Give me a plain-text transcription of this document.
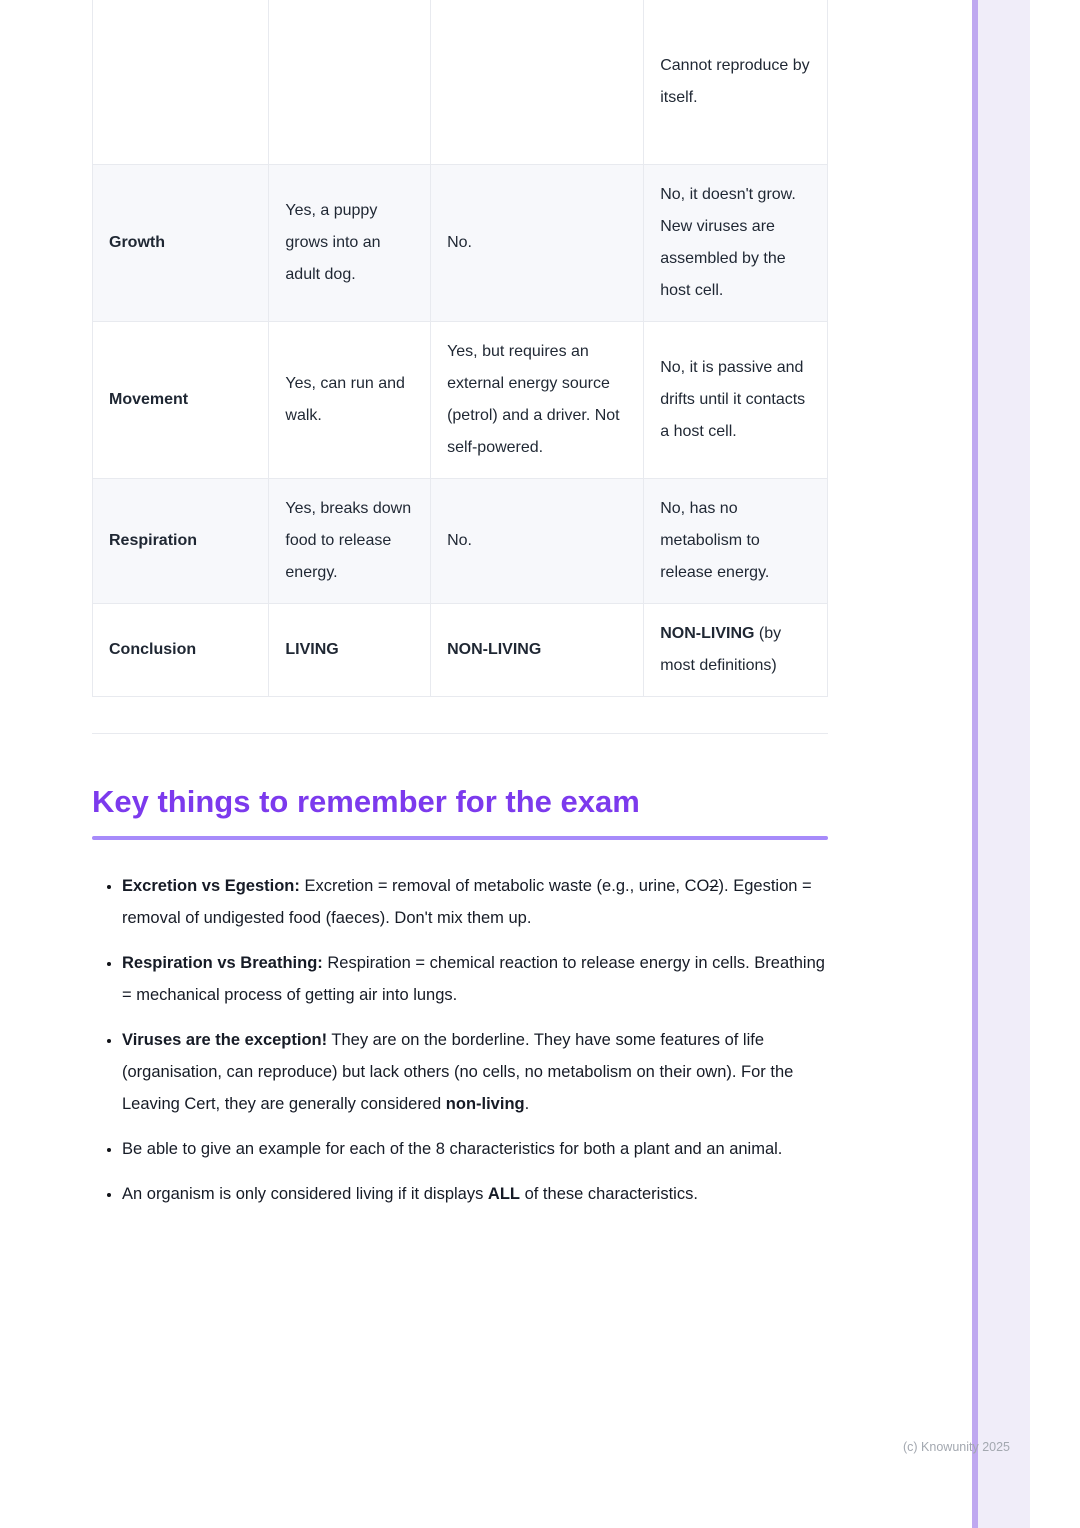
			Cannot reproduce by itself.
Growth	Yes, a puppy grows into an adult dog.	No.	No, it doesn't grow. New viruses are assembled by the host cell.
Movement	Yes, can run and walk.	Yes, but requires an external energy source (petrol) and a driver. Not self-powered.	No, it is passive and drifts until it contacts a host cell.
Respiration	Yes, breaks down food to release energy.	No.	No, has no metabolism to release energy.
Conclusion	LIVING	NON-LIVING	NON-LIVING (by most definitions)
Key things to remember for the exam
• Excretion vs Egestion: Excretion = removal of metabolic waste (e.g., urine, CO2). Egestion = removal of undigested food (faeces). Don't mix them up.
• Respiration vs Breathing: Respiration = chemical reaction to release energy in cells. Breathing = mechanical process of getting air into lungs.
• Viruses are the exception! They are on the borderline. They have some features of life (organisation, can reproduce) but lack others (no cells, no metabolism on their own). For the Leaving Cert, they are generally considered non-living.
• Be able to give an example for each of the 8 characteristics for both a plant and an animal.
• An organism is only considered living if it displays ALL of these characteristics.
(c) Knowunity 2025
